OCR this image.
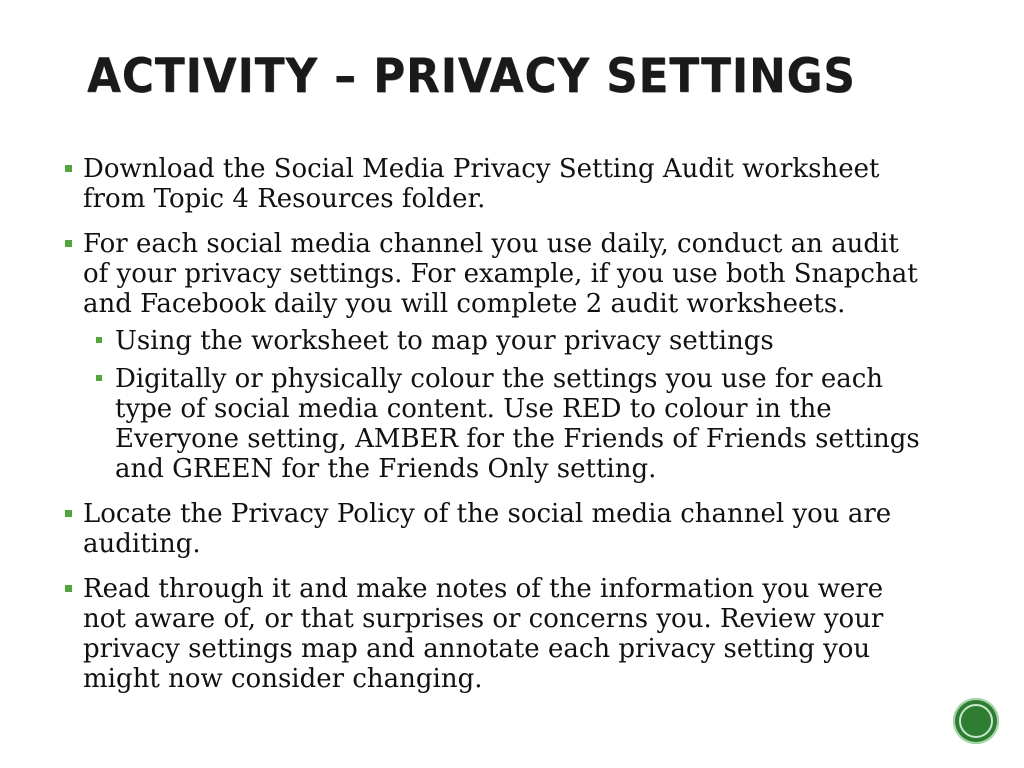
ACTIVITY – PRIVACY SETTINGS
Download the Social Media Privacy Setting Audit worksheet
from Topic 4 Resources folder.
For each social media channel you use daily, conduct an audit
of your privacy settings. For example, if you use both Snapchat
and Facebook daily you will complete 2 audit worksheets.
Using the worksheet to map your privacy settings
Digitally or physically colour the settings you use for each
type of social media content. Use RED to colour in the
Everyone setting, AMBER for the Friends of Friends settings
and GREEN for the Friends Only setting.
Locate the Privacy Policy of the social media channel you are
auditing.
Read through it and make notes of the information you were
not aware of, or that surprises or concerns you. Review your
privacy settings map and annotate each privacy setting you
might now consider changing.
